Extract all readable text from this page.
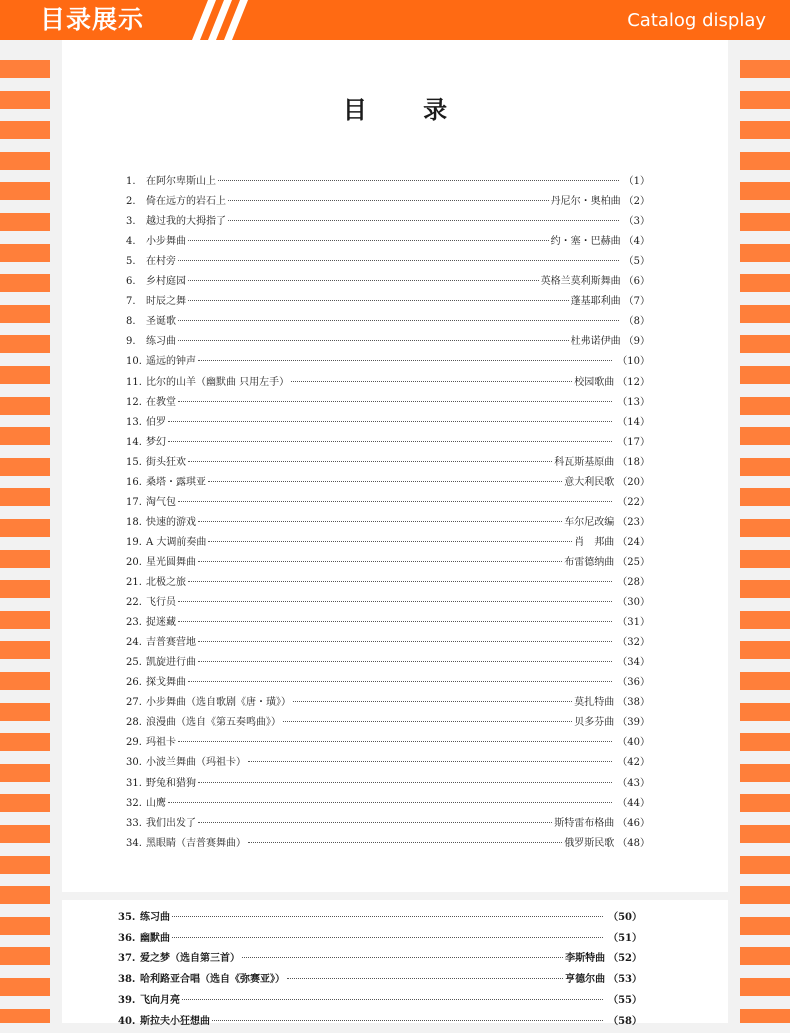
目录展示	Catalog display
目 录
1.	在阿尔卑斯山上	（1）
2.	倚在远方的岩石上	丹尼尔・奥柏曲 （2）
3.	越过我的大拇指了	（3）
4.	小步舞曲	约・塞・巴赫曲 （4）
5.	在村旁	（5）
6.	乡村庭园	英格兰莫利斯舞曲 （6）
7.	时辰之舞	蓬基耶利曲 （7）
8.	圣诞歌	（8）
9.	练习曲	杜弗诺伊曲 （9）
10. 遥远的钟声	（10）
11. 比尔的山羊（幽默曲 只用左手）	校园歌曲 （12）
12. 在教堂	（13）
13. 伯罗	（14）
14. 梦幻	（17）
15. 街头狂欢	科瓦斯基原曲 （18）
16. 桑塔・露琪亚	意大利民歌 （20）
17. 淘气包	（22）
18. 快速的游戏	车尔尼改编 （23）
19. A 大调前奏曲	肖　邦曲 （24）
20. 星光圆舞曲	布雷德纳曲 （25）
21. 北极之旅	（28）
22. 飞行员	（30）
23. 捉迷藏	（31）
24. 吉普赛营地	（32）
25. 凯旋进行曲	（34）
26. 探戈舞曲	（36）
27. 小步舞曲（选自歌剧《唐・璜》）	莫扎特曲 （38）
28. 浪漫曲（选自《第五奏鸣曲》）	贝多芬曲 （39）
29. 玛祖卡	（40）
30. 小波兰舞曲（玛祖卡）	（42）
31. 野兔和猎狗	（43）
32. 山鹰	（44）
33. 我们出发了	斯特雷布格曲 （46）
34. 黑眼睛（吉普赛舞曲）	俄罗斯民歌 （48）
35. 练习曲	（50）
36. 幽默曲	（51）
37. 爱之梦（选自第三首）	李斯特曲 （52）
38. 哈利路亚合唱（选自《弥赛亚》）	亨德尔曲 （53）
39. 飞向月亮	（55）
40. 斯拉夫小狂想曲	（58）
